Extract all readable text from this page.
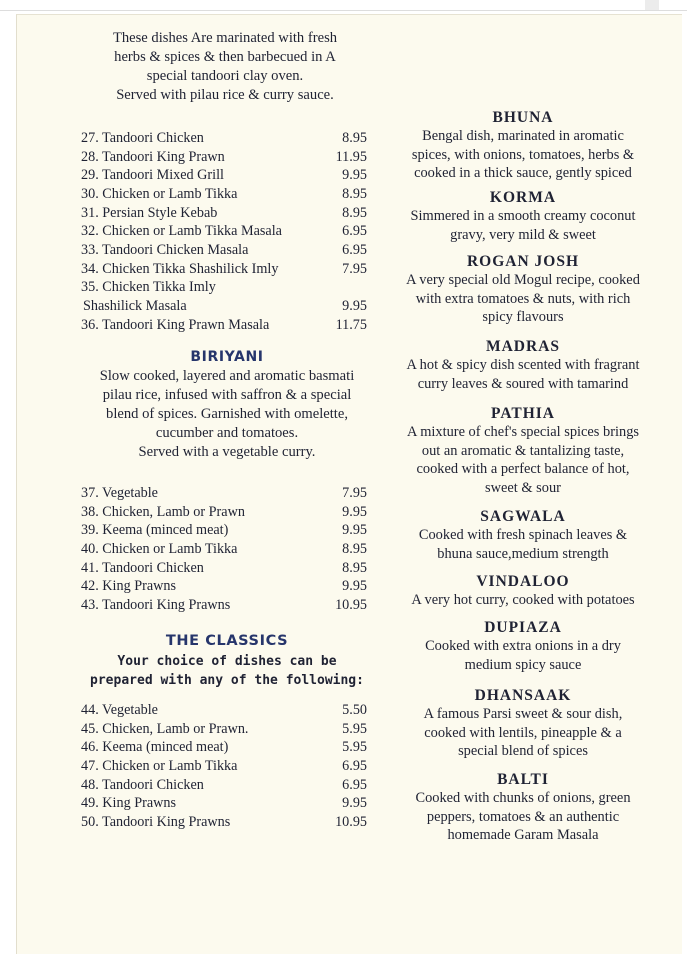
These dishes Are marinated with fresh
herbs & spices & then barbecued in A
special tandoori clay oven.
Served with pilau rice & curry sauce.
27. Tandoori Chicken	8.95
28. Tandoori King Prawn	11.95
29. Tandoori Mixed Grill	9.95
30. Chicken or Lamb Tikka	8.95
31. Persian Style Kebab	8.95
32. Chicken or Lamb Tikka Masala	6.95
33. Tandoori Chicken Masala	6.95
34. Chicken Tikka Shashilick Imly	7.95
35. Chicken Tikka Imly
Shashilick Masala	9.95
36. Tandoori King Prawn Masala	11.75
BIRIYANI
Slow cooked, layered and aromatic basmati
pilau rice, infused with saffron & a special
blend of spices. Garnished with omelette,
cucumber and tomatoes.
Served with a vegetable curry.
37. Vegetable	7.95
38. Chicken, Lamb or Prawn	9.95
39. Keema (minced meat)	9.95
40. Chicken or Lamb Tikka	8.95
41. Tandoori Chicken	8.95
42. King Prawns	9.95
43. Tandoori King Prawns	10.95
THE CLASSICS
Your choice of dishes can be
prepared with any of the following:
44. Vegetable	5.50
45. Chicken, Lamb or Prawn.	5.95
46. Keema (minced meat)	5.95
47. Chicken or Lamb Tikka	6.95
48. Tandoori Chicken	6.95
49. King Prawns	9.95
50. Tandoori King Prawns	10.95
BHUNA
Bengal dish, marinated in aromatic
spices, with onions, tomatoes, herbs &
cooked in a thick sauce, gently spiced
KORMA
Simmered in a smooth creamy coconut
gravy, very mild & sweet
ROGAN JOSH
A very special old Mogul recipe, cooked
with extra tomatoes & nuts, with rich
spicy flavours
MADRAS
A hot & spicy dish scented with fragrant
curry leaves & soured with tamarind
PATHIA
A mixture of chef's special spices brings
out an aromatic & tantalizing taste,
cooked with a perfect balance of hot,
sweet & sour
SAGWALA
Cooked with fresh spinach leaves &
bhuna sauce,medium strength
VINDALOO
A very hot curry, cooked with potatoes
DUPIAZA
Cooked with extra onions in a dry
medium spicy sauce
DHANSAAK
A famous Parsi sweet & sour dish,
cooked with lentils, pineapple & a
special blend of spices
BALTI
Cooked with chunks of onions, green
peppers, tomatoes & an authentic
homemade Garam Masala
